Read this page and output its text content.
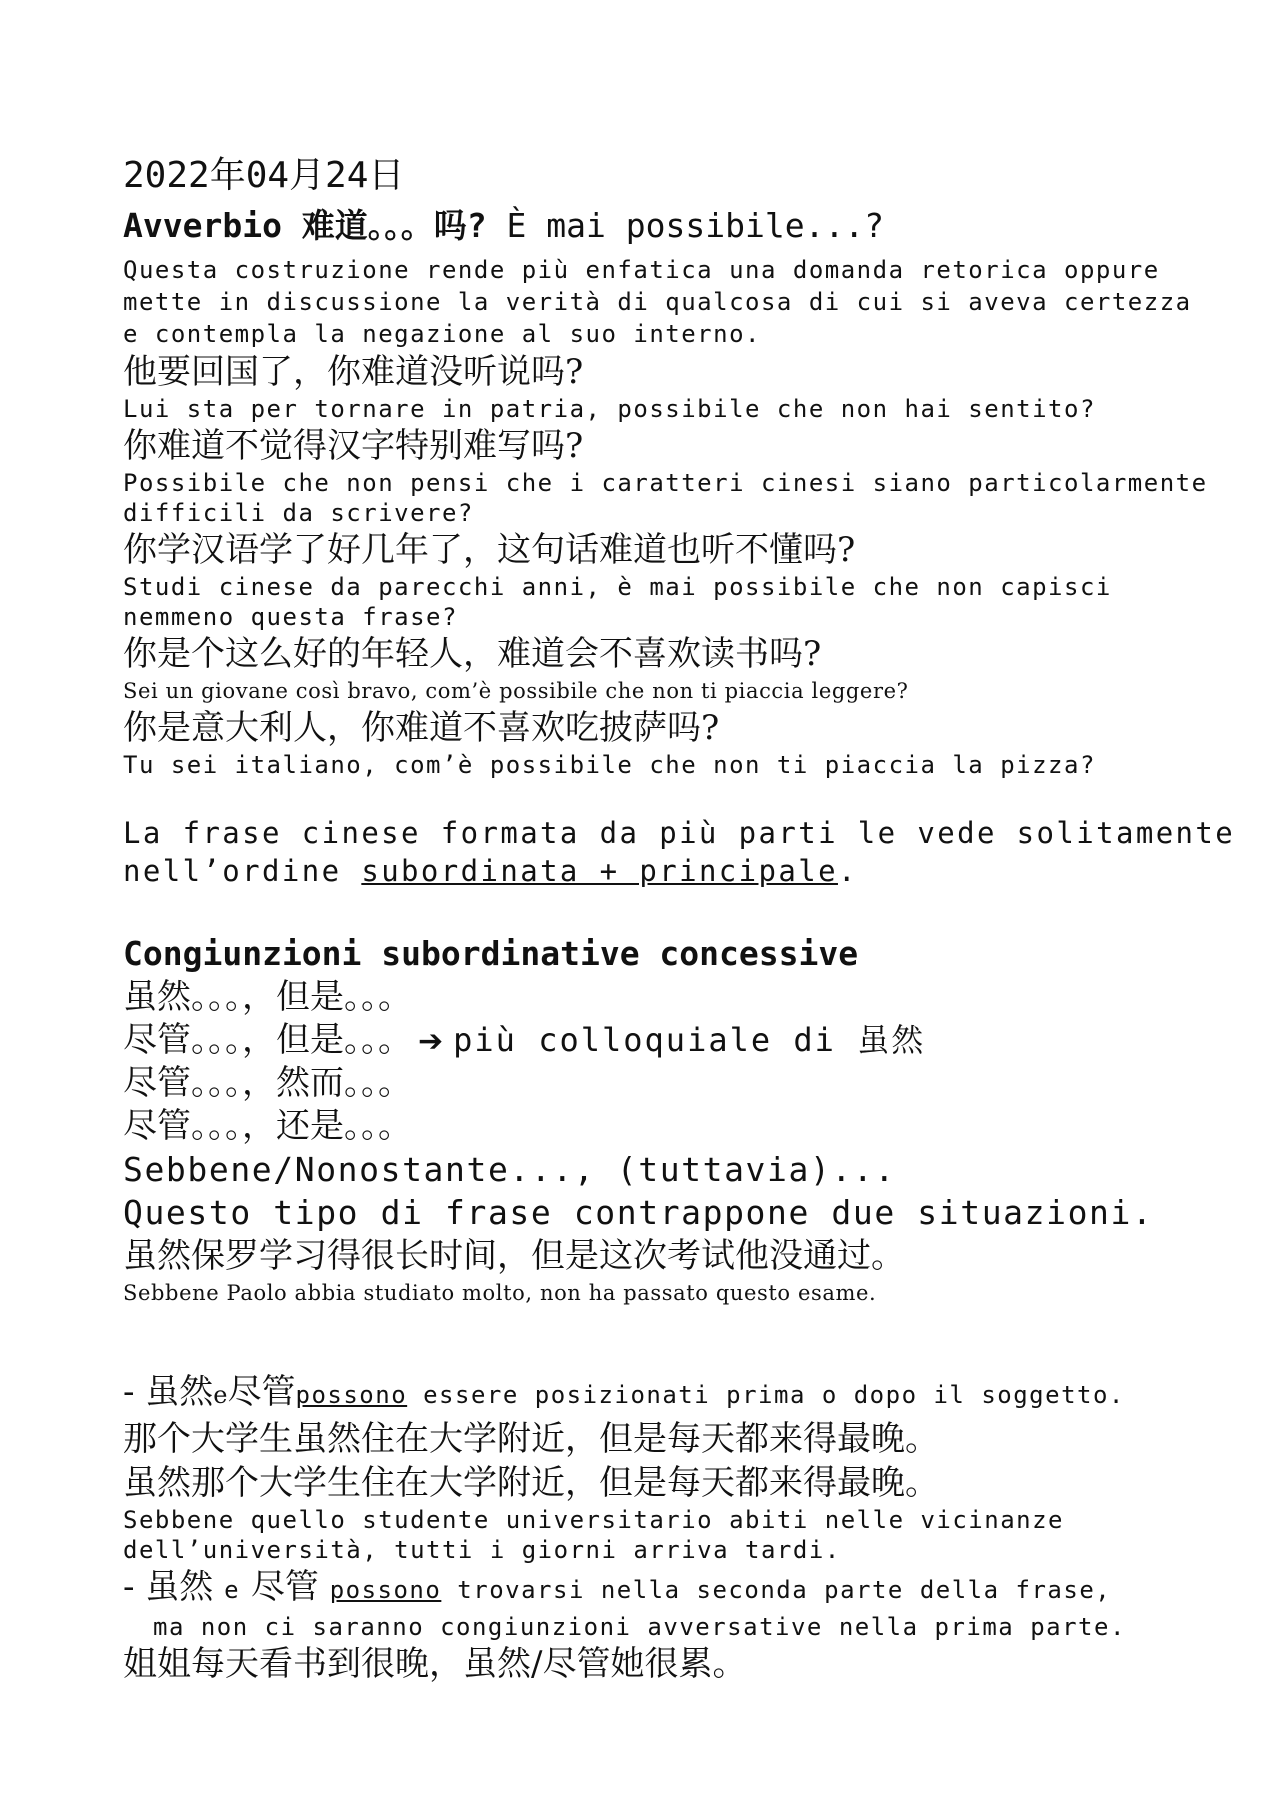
2022年04月24日
Avverbio 难道。。。吗? È mai possibile...?
Questa costruzione rende più enfatica una domanda retorica oppure
mette in discussione la verità di qualcosa di cui si aveva certezza
e contempla la negazione al suo interno.
他要回国了，你难道没听说吗?
Lui sta per tornare in patria, possibile che non hai sentito?
你难道不觉得汉字特别难写吗?
Possibile che non pensi che i caratteri cinesi siano particolarmente
difficili da scrivere?
你学汉语学了好几年了，这句话难道也听不懂吗?
Studi cinese da parecchi anni, è mai possibile che non capisci
nemmeno questa frase?
你是个这么好的年轻人，难道会不喜欢读书吗?
Sei un giovane così bravo, com’è possibile che non ti piaccia leggere?
你是意大利人，你难道不喜欢吃披萨吗?
Tu sei italiano, com’è possibile che non ti piaccia la pizza?
La frase cinese formata da più parti le vede solitamente
nell’ordine subordinata + principale.
Congiunzioni subordinative concessive
虽然。。。，但是。。。
尽管。。。，但是。。。 ➔ più colloquiale di 虽然
尽管。。。，然而。。。
尽管。。。，还是。。。
Sebbene/Nonostante..., (tuttavia)...
Questo tipo di frase contrappone due situazioni.
虽然保罗学习得很长时间，但是这次考试他没通过。
Sebbene Paolo abbia studiato molto, non ha passato questo esame.
- 虽然e尽管possono essere posizionati prima o dopo il soggetto.
那个大学生虽然住在大学附近，但是每天都来得最晚。
虽然那个大学生住在大学附近，但是每天都来得最晚。
Sebbene quello studente universitario abiti nelle vicinanze
dell’università, tutti i giorni arriva tardi.
- 虽然 e 尽管 possono trovarsi nella seconda parte della frase,
ma non ci saranno congiunzioni avversative nella prima parte.
姐姐每天看书到很晚，虽然/尽管她很累。
